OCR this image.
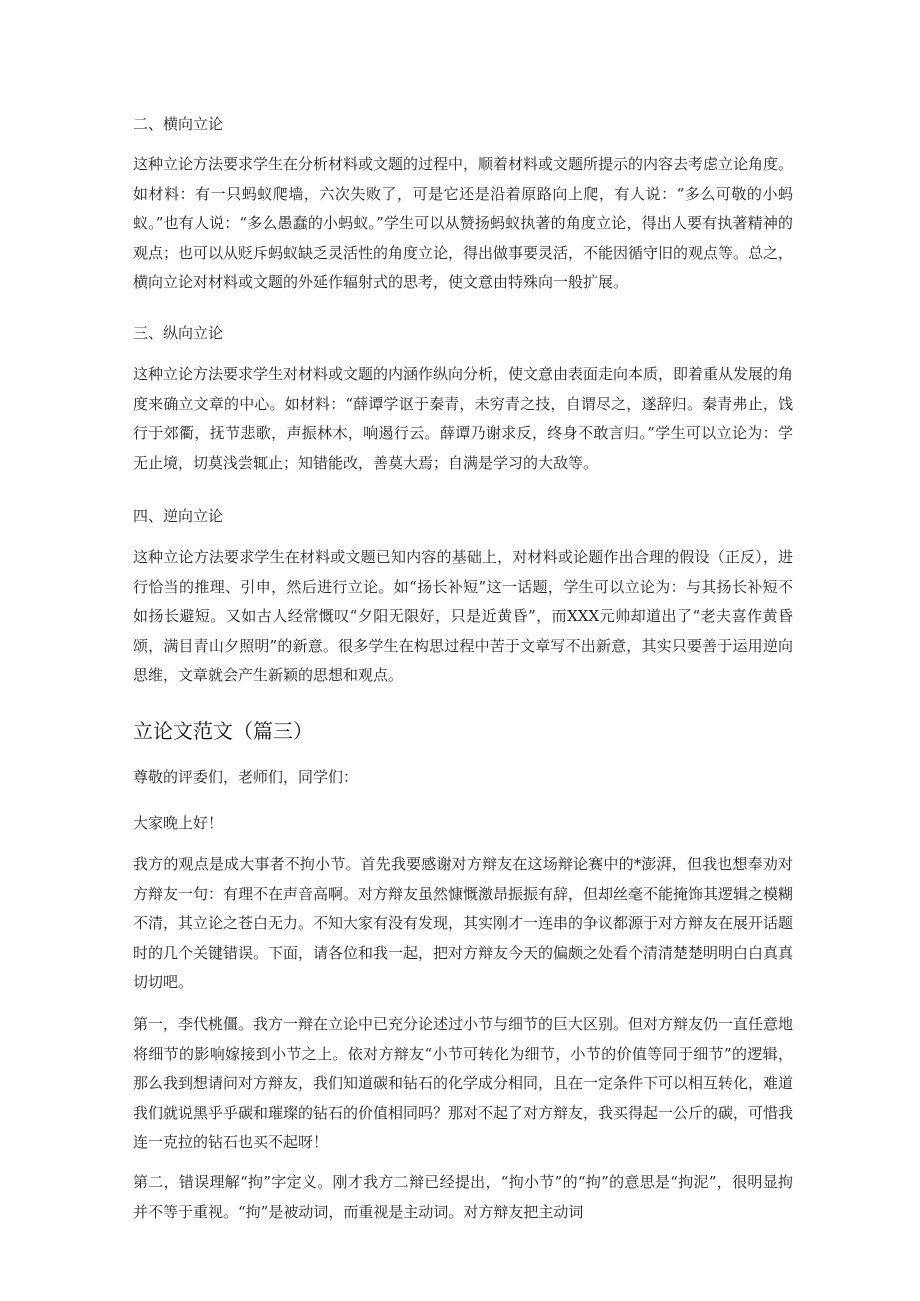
二、横向立论

这种立论方法要求学生在分析材料或文题的过程中，顺着材料或文题所提示的内容去考虑立论角度。如材料：有一只蚂蚁爬墙，六次失败了，可是它还是沿着原路向上爬，有人说：“多么可敬的小蚂蚁。”也有人说：“多么愚蠢的小蚂蚁。”学生可以从赞扬蚂蚁执著的角度立论，得出人要有执著精神的观点；也可以从贬斥蚂蚁缺乏灵活性的角度立论，得出做事要灵活，不能因循守旧的观点等。总之，横向立论对材料或文题的外延作辐射式的思考，使文意由特殊向一般扩展。

三、纵向立论

这种立论方法要求学生对材料或文题的内涵作纵向分析，使文意由表面走向本质，即着重从发展的角度来确立文章的中心。如材料：“薛谭学讴于秦青，未穷青之技，自谓尽之，遂辞归。秦青弗止，饯行于郊衢，抚节悲歌，声振林木，响遏行云。薛谭乃谢求反，终身不敢言归。”学生可以立论为：学无止境，切莫浅尝辄止；知错能改，善莫大焉；自满是学习的大敌等。

四、逆向立论

这种立论方法要求学生在材料或文题已知内容的基础上，对材料或论题作出合理的假设（正反），进行恰当的推理、引申，然后进行立论。如“扬长补短”这一话题，学生可以立论为：与其扬长补短不如扬长避短。又如古人经常慨叹“夕阳无限好，只是近黄昏”，而XXX元帅却道出了“老夫喜作黄昏颂，满目青山夕照明”的新意。很多学生在构思过程中苦于文章写不出新意，其实只要善于运用逆向思维，文章就会产生新颖的思想和观点。

立论文范文（篇三）
尊敬的评委们，老师们，同学们：
大家晚上好！

我方的观点是成大事者不拘小节。首先我要感谢对方辩友在这场辩论赛中的*澎湃，但我也想奉劝对方辩友一句：有理不在声音高啊。对方辩友虽然慷慨激昂振振有辞，但却丝毫不能掩饰其逻辑之模糊不清，其立论之苍白无力。不知大家有没有发现，其实刚才一连串的争议都源于对方辩友在展开话题时的几个关键错误。下面，请各位和我一起，把对方辩友今天的偏颇之处看个清清楚楚明明白白真真切切吧。

第一，李代桃僵。我方一辩在立论中已充分论述过小节与细节的巨大区别。但对方辩友仍一直任意地将细节的影响嫁接到小节之上。依对方辩友“小节可转化为细节，小节的价值等同于细节”的逻辑，那么我到想请问对方辩友，我们知道碳和钻石的化学成分相同，且在一定条件下可以相互转化，难道我们就说黑乎乎碳和璀璨的钻石的价值相同吗？那对不起了对方辩友，我买得起一公斤的碳，可惜我连一克拉的钻石也买不起呀！

第二，错误理解“拘”字定义。刚才我方二辩已经提出，“拘小节”的“拘”的意思是“拘泥”，很明显拘并不等于重视。“拘”是被动词，而重视是主动词。对方辩友把主动词
